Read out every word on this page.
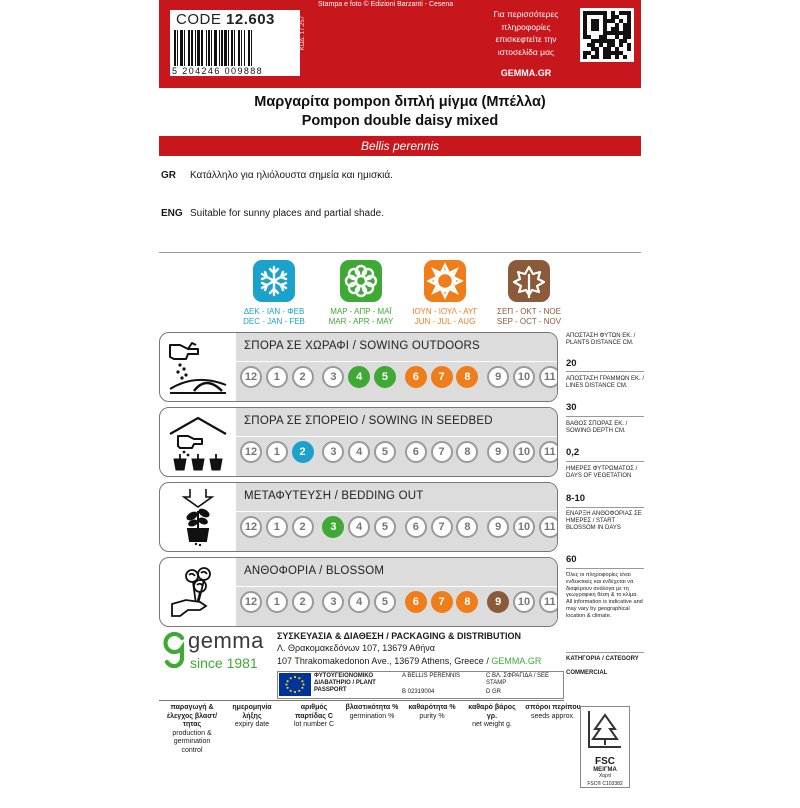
CODE 12.603
5 204246 009888
ΚΩΔ. 17.257
Stampa e foto © Edizioni Barzanti - Cesena
Για περισσότερες πληροφορίες επισκεφτείτε την ιστοσελίδα μας
GEMMA.GR
Μαργαρίτα pompon διπλή μίγμα (Μπέλλα)
Pompon double daisy mixed
Bellis perennis
GR Κατάλληλο για ηλιόλουστα σημεία και ημισκιά.
ENG Suitable for sunny places and partial shade.
ΔΕΚ - ΙΑΝ - ΦΕΒ
DEC - JAN - FEB
ΜΑΡ - ΑΠΡ - ΜΑΪ
MAR - APR - MAY
ΙΟΥΝ - ΙΟΥΛ - ΑΥΓ
JUN - JUL - AUG
ΣΕΠ - ΟΚΤ - ΝΟΕ
SEP - OCT - NOV
ΣΠΟΡΑ ΣΕ ΧΩΡΑΦΙ / SOWING OUTDOORS
12	1	2	3	4	5	6	7	8	9	10	11
ΣΠΟΡΑ ΣΕ ΣΠΟΡΕΙΟ / SOWING IN SEEDBED
12	1	2	3	4	5	6	7	8	9	10	11
ΜΕΤΑΦΥΤΕΥΣΗ / BEDDING OUT
12	1	2	3	4	5	6	7	8	9	10	11
ΑΝΘΟΦΟΡΙΑ / BLOSSOM
12	1	2	3	4	5	6	7	8	9	10	11
ΑΠΟΣΤΑΣΗ ΦΥΤΩΝ ΕΚ. / PLANTS DISTANCE CM.
20
ΑΠΟΣΤΑΣΗ ΓΡΑΜΜΩΝ ΕΚ. / LINES DISTANCE CM.
30
ΒΑΘΟΣ ΣΠΟΡΑΣ ΕΚ. / SOWING DEPTH CM.
0,2
ΗΜΕΡΕΣ ΦΥΤΡΩΜΑΤΟΣ / DAYS OF VEGETATION
8-10
ΕΝΑΡΞΗ ΑΝΘΟΦΟΡΙΑΣ ΣΕ ΗΜΕΡΕΣ / START BLOSSOM IN DAYS
60
Όλες οι πληροφορίες είναι ενδεικτικές και ενδέχεται να διαφέρουν ανάλογα με τη γεωγραφική θέση & το κλίμα. All information is indicative and may vary by geographical location & climate.
ΚΑΤΗΓΟΡΙΑ / CATEGORY
COMMERCIAL
gemma
since 1981
ΣΥΣΚΕΥΑΣΙΑ & ΔΙΑΘΕΣΗ / PACKAGING & DISTRIBUTION
Λ. Θρακομακεδόνων 107, 13679 Αθήνα
107 Thrakomakedonon Ave., 13679 Athens, Greece / GEMMA.GR
ΦΥΤΟΫΓΕΙΟΝΟΜΙΚΟ ΔΙΑΒΑΤΗΡΙΟ / PLANT PASSPORT
A BELLIS PERENNIS
B 02319004
C ΒΛ. ΣΦΡΑΓΙΔΑ / SEE STAMP
D GR
παραγωγή & έλεγχος βλαστ/τητας
production & germination control
ημερομηνία λήξης
expiry date
αριθμός παρτίδας C
lot number C
βλαστικότητα %
germination %
καθαρότητα %
purity %
καθαρό βάρος γρ.
net weight g.
σπόροι περίπου
seeds approx.
FSC
ΜΕΙΓΜΑ
Χαρτί
FSC® C103382
